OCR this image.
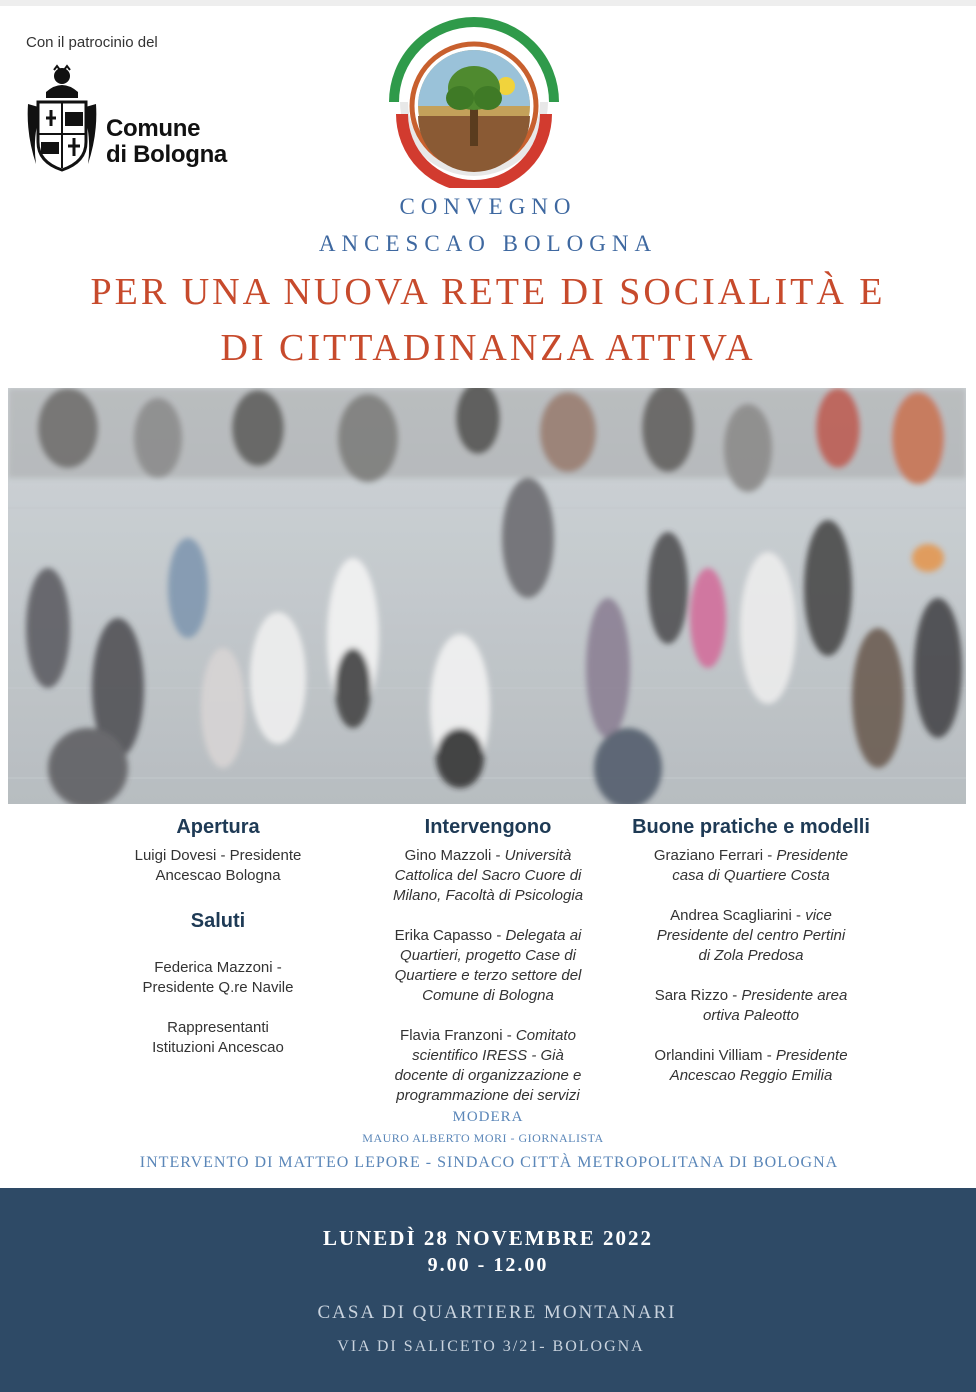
Con il patrocinio del
Comune
di Bologna
CONVEGNO
ANCESCAO BOLOGNA
PER UNA NUOVA RETE DI SOCIALITÀ E
DI CITTADINANZA ATTIVA
Apertura

Luigi Dovesi - Presidente
Ancescao Bologna

Saluti

Federica Mazzoni -
Presidente Q.re Navile

Rappresentanti
Istituzioni Ancescao

Intervengono

Gino Mazzoli - Università
Cattolica del Sacro Cuore di
Milano, Facoltà di Psicologia

Erika Capasso - Delegata ai
Quartieri, progetto Case di
Quartiere e terzo settore del
Comune di Bologna

Flavia Franzoni - Comitato
scientifico IRESS - Già
docente di organizzazione e
programmazione dei servizi

Buone pratiche e modelli

Graziano Ferrari - Presidente
casa di Quartiere Costa

Andrea Scagliarini - vice
Presidente del centro Pertini
di Zola Predosa

Sara Rizzo - Presidente area
ortiva Paleotto

Orlandini Villiam - Presidente
Ancescao Reggio Emilia

MODERA
MAURO ALBERTO MORI - GIORNALISTA
INTERVENTO DI MATTEO LEPORE - SINDACO CITTÀ METROPOLITANA DI BOLOGNA
LUNEDÌ 28 NOVEMBRE 2022
9.00 - 12.00
CASA DI QUARTIERE MONTANARI
VIA DI SALICETO 3/21- BOLOGNA
